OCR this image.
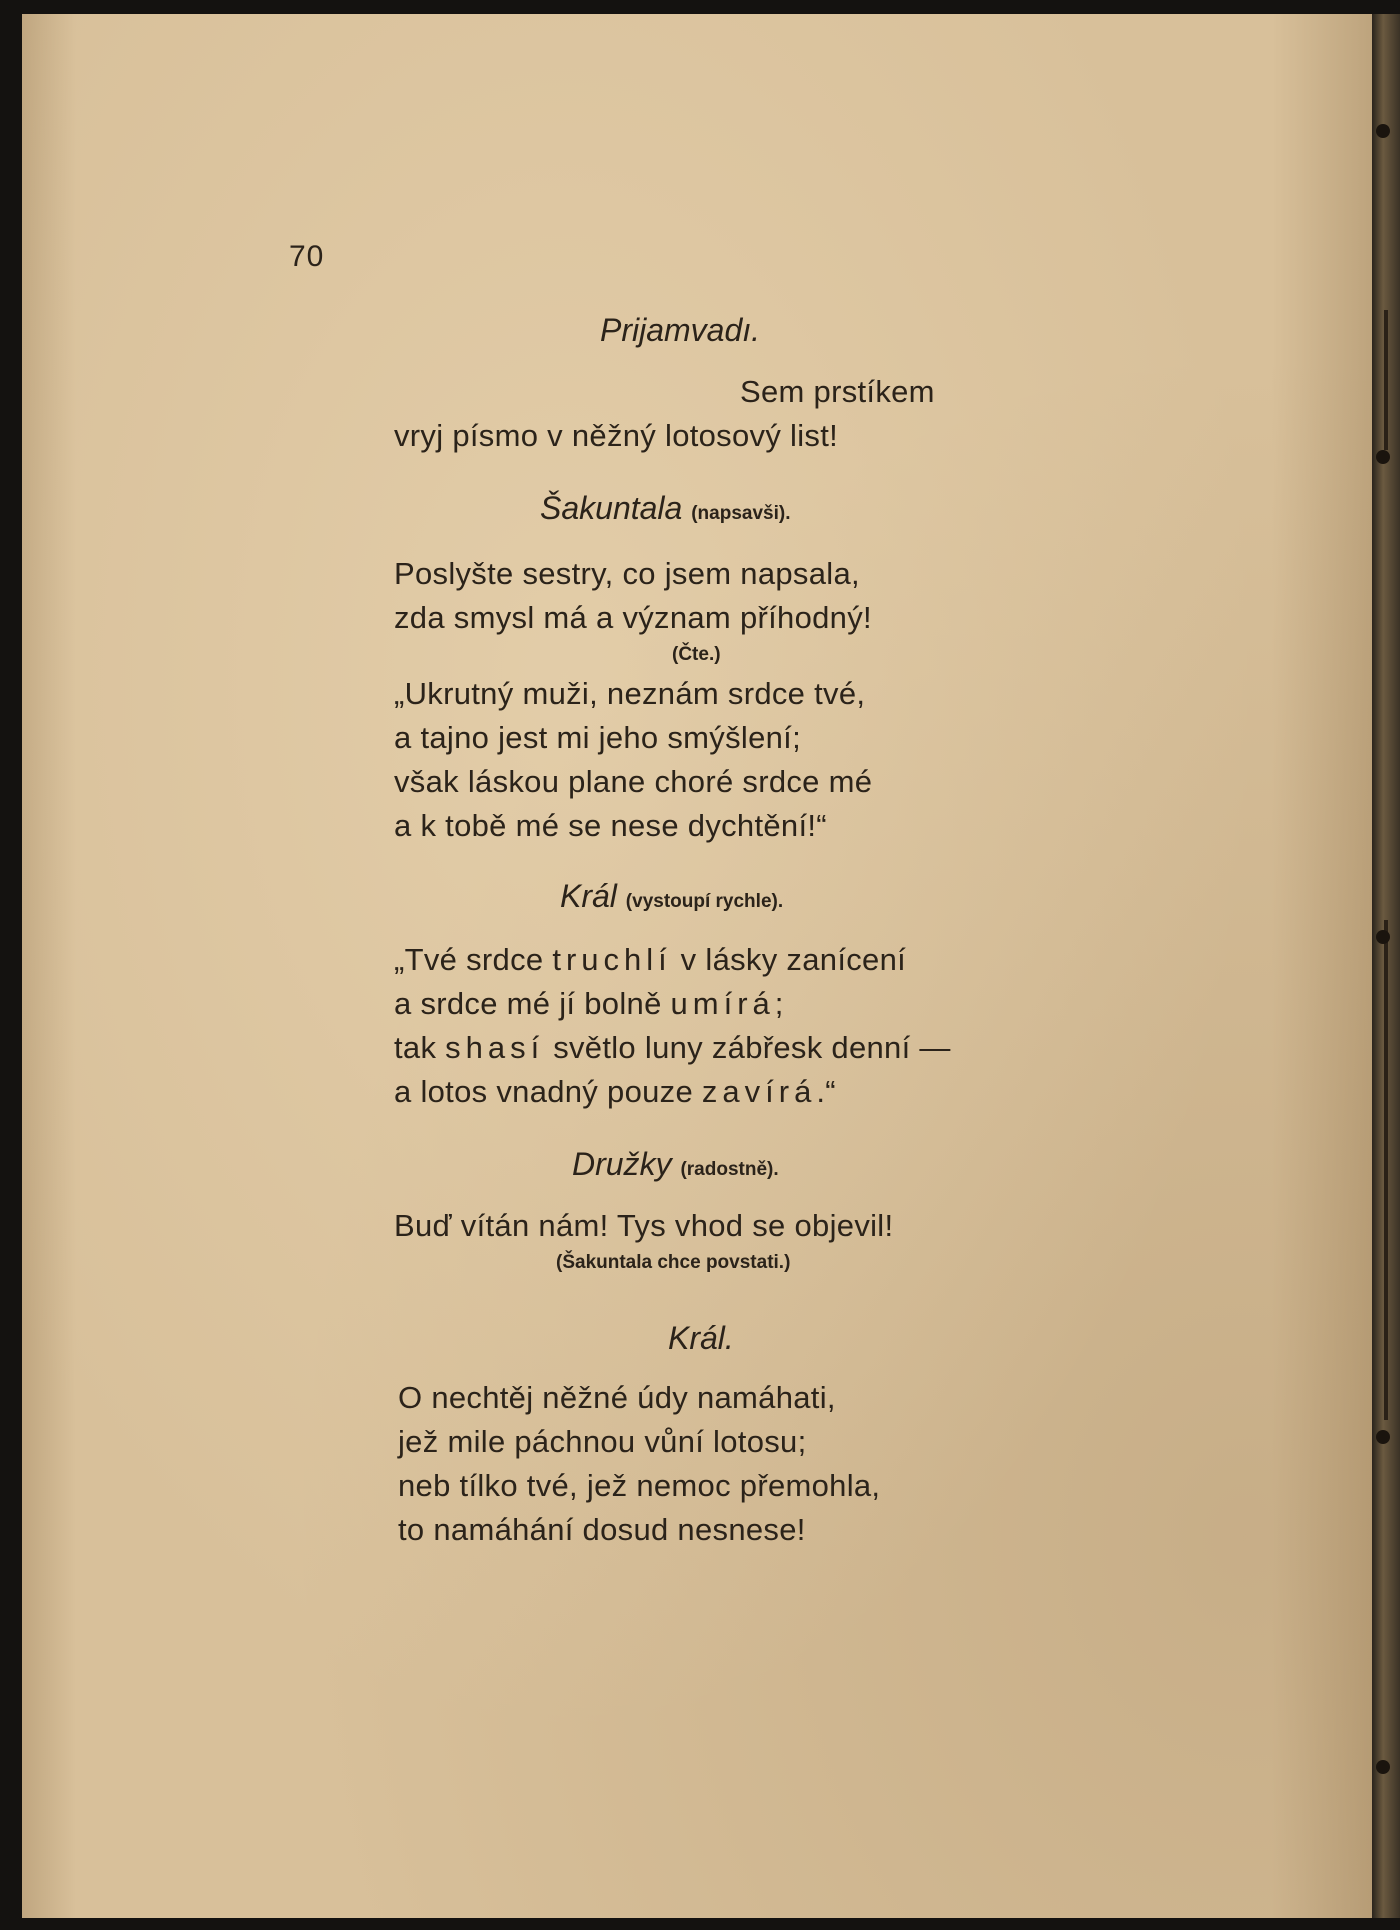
70
Prijamvadı.
Sem prstíkem
vryj písmo v něžný lotosový list!
Šakuntala (napsavši).
Poslyšte sestry, co jsem napsala,
zda smysl má a význam příhodný!
(Čte.)
„Ukrutný muži, neznám srdce tvé,
a tajno jest mi jeho smýšlení;
však láskou plane choré srdce mé
a k tobě mé se nese dychtění!“
Král (vystoupí rychle).
„Tvé srdce truchlí v lásky zanícení
a srdce mé jí bolně umírá;
tak shasí světlo luny zábřesk denní —
a lotos vnadný pouze zavírá.“
Družky (radostně).
Buď vítán nám! Tys vhod se objevil!
(Šakuntala chce povstati.)
Král.
O nechtěj něžné údy namáhati,
jež mile páchnou vůní lotosu;
neb tílko tvé, jež nemoc přemohla,
to namáhání dosud nesnese!
